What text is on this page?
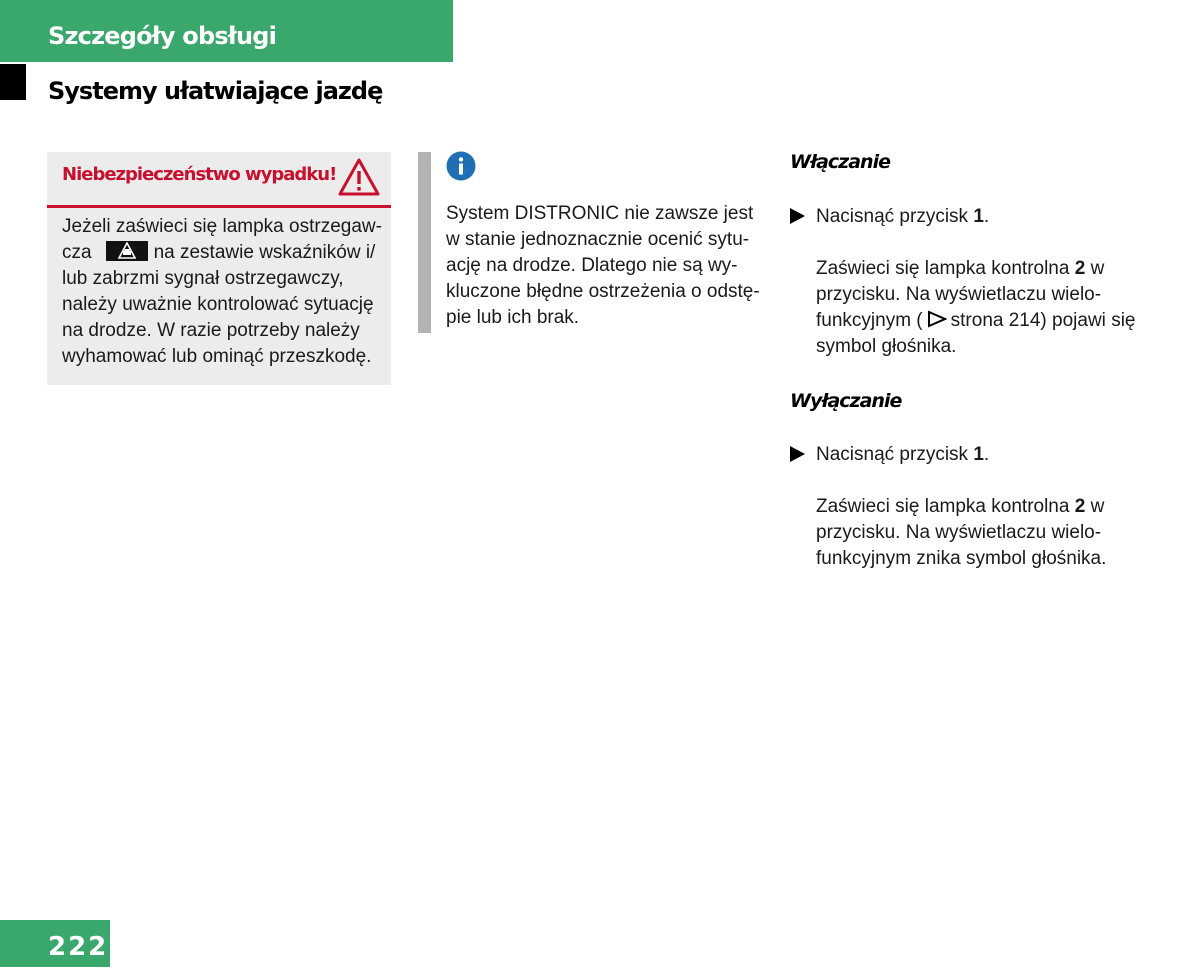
Szczegóły obsługi
Systemy ułatwiające jazdę
Niebezpieczeństwo wypadku!
Jeżeli zaświeci się lampka ostrzegaw-cza	na zestawie wskaźników i/ lub zabrzmi sygnał ostrzegawczy, należy uważnie kontrolować sytuację na drodze. W razie potrzeby należy wyhamować lub ominąć przeszkodę.
System DISTRONIC nie zawsze jest w stanie jednoznacznie ocenić sytu-ację na drodze. Dlatego nie są wy-kluczone błędne ostrzeżenia o odstę-pie lub ich brak.
Włączanie
Nacisnąć przycisk 1.
Zaświeci się lampka kontrolna 2 w przycisku. Na wyświetlaczu wielo-funkcyjnym ( strona 214) pojawi się symbol głośnika.
Wyłączanie
Nacisnąć przycisk 1.
Zaświeci się lampka kontrolna 2 w przycisku. Na wyświetlaczu wielo-funkcyjnym znika symbol głośnika.
222
